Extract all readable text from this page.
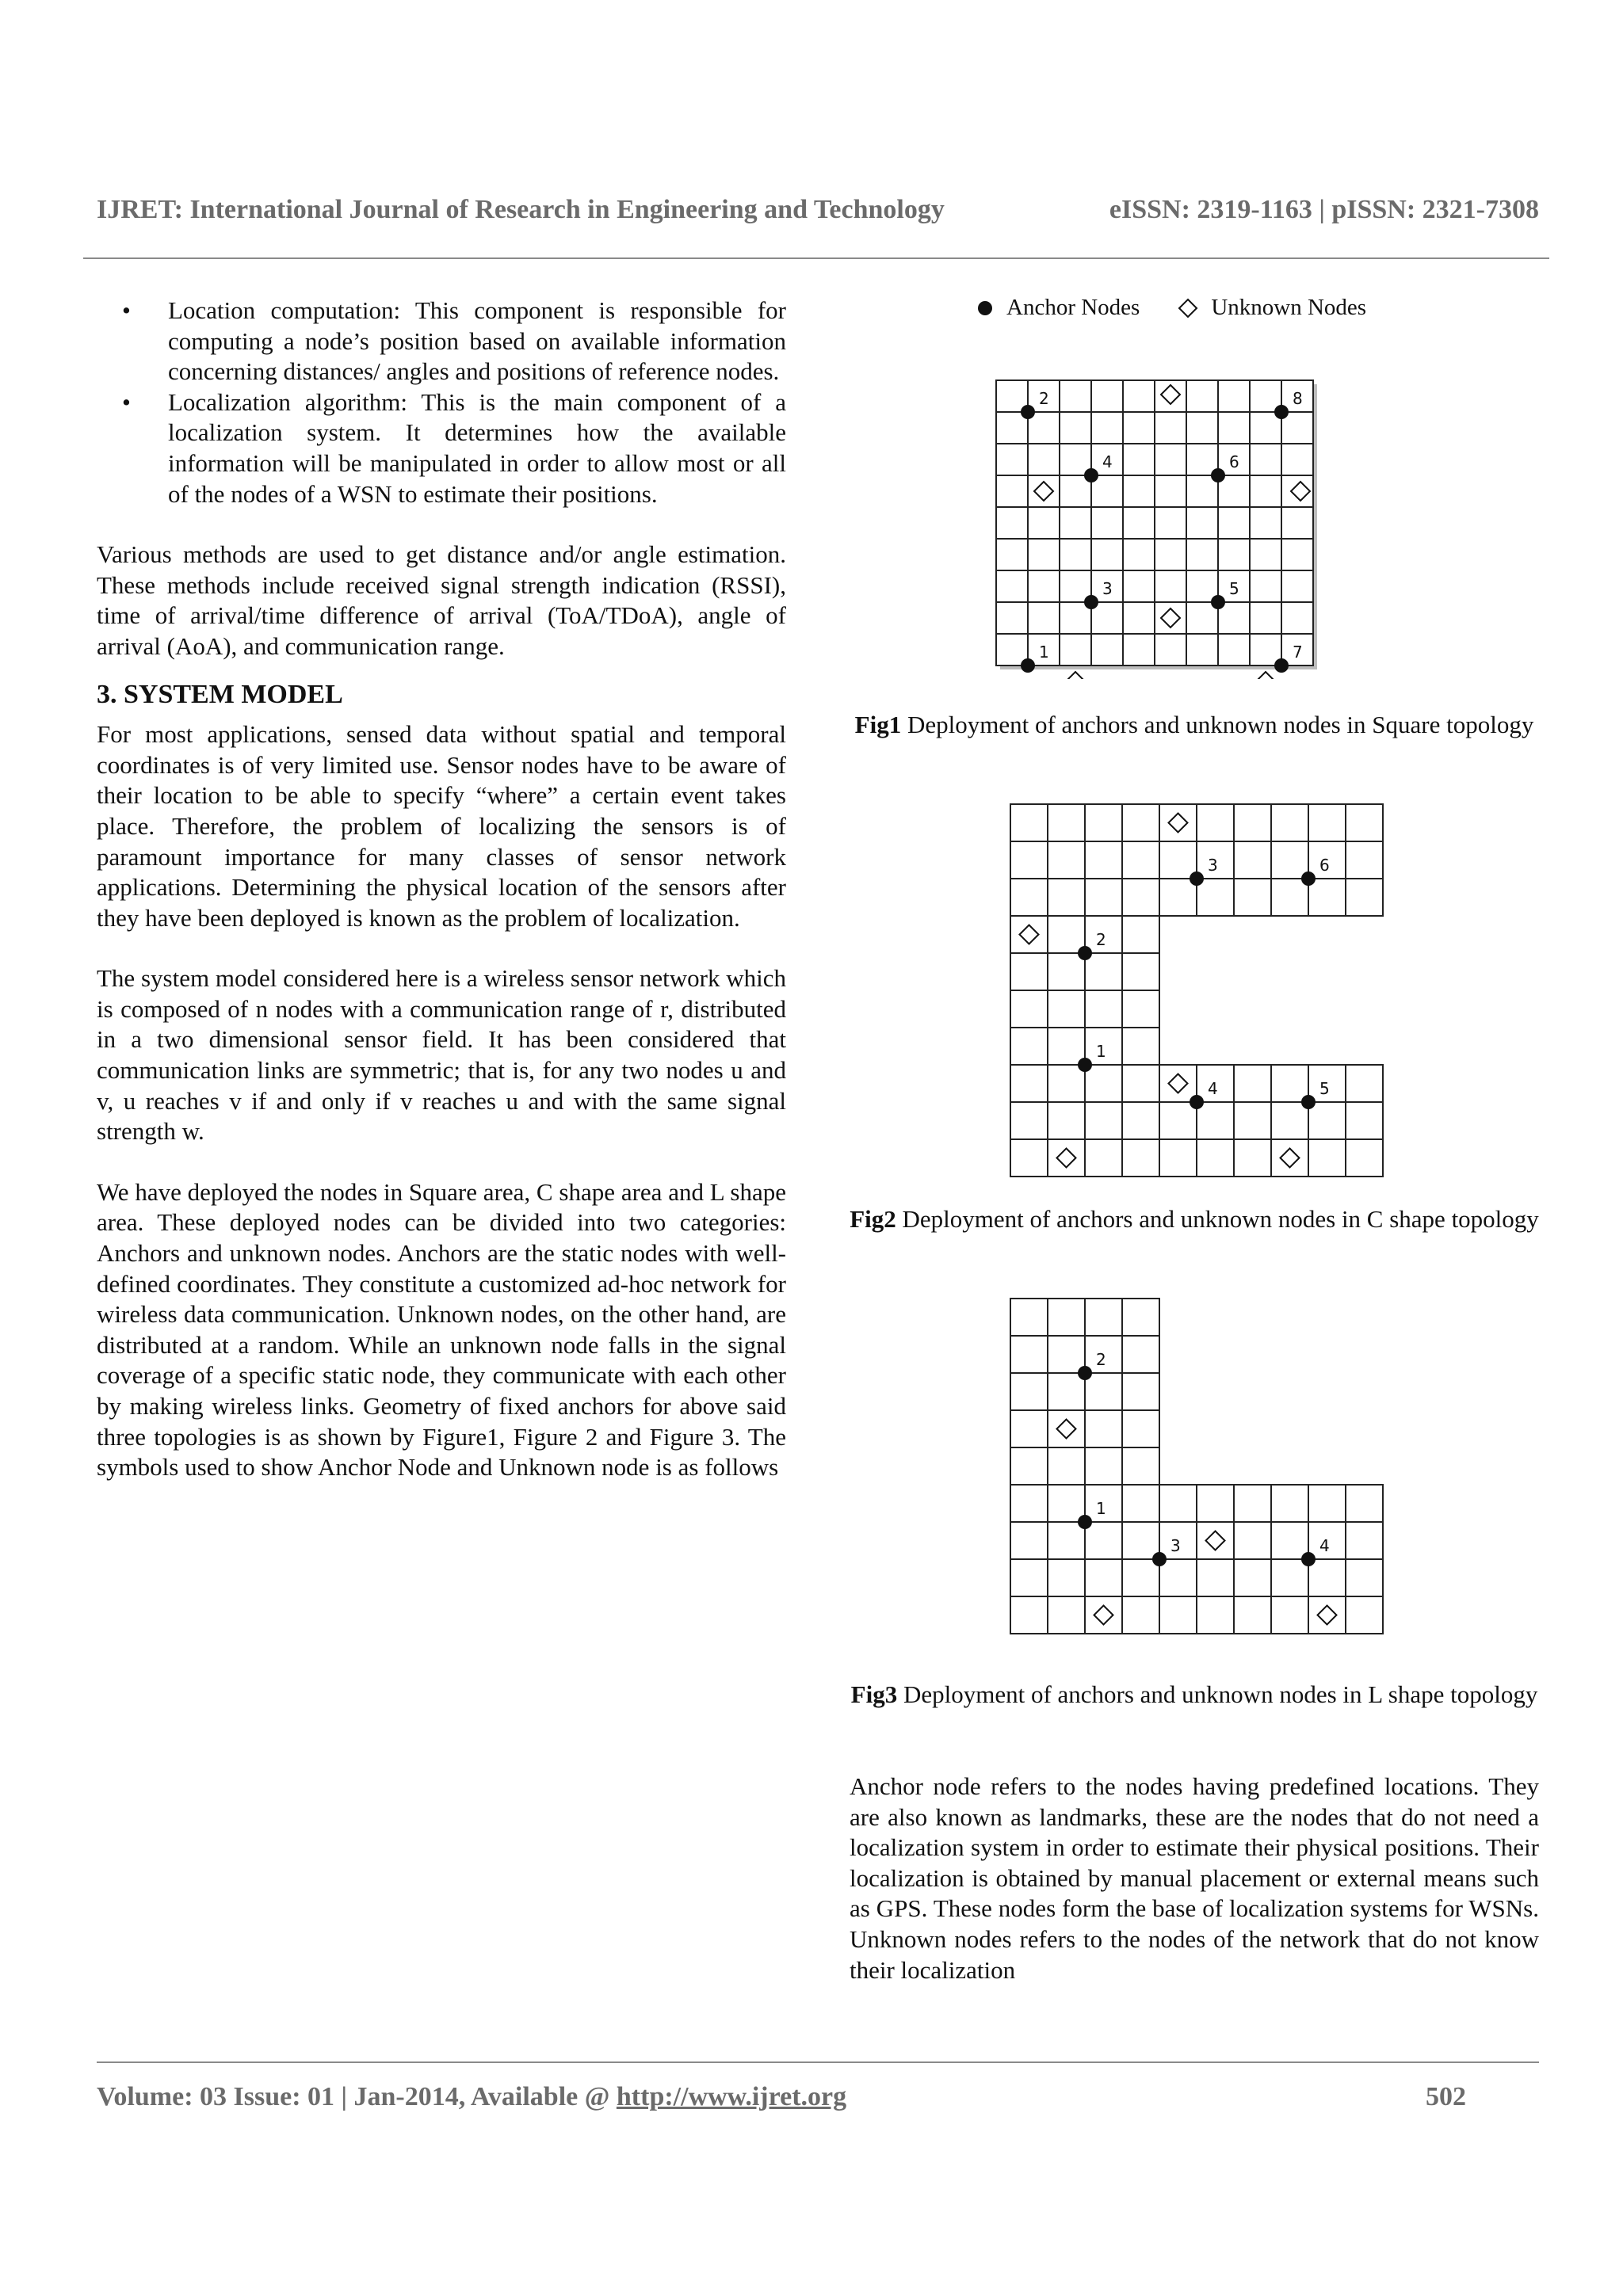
IJRET: International Journal of Research in Engineering and Technology	eISSN: 2319-1163 | pISSN: 2321-7308
• Location computation: This component is responsible for computing a node’s position based on available information concerning distances/ angles and positions of reference nodes.
• Localization algorithm: This is the main component of a localization system. It determines how the available information will be manipulated in order to allow most or all of the nodes of a WSN to estimate their positions.

Various methods are used to get distance and/or angle estimation. These methods include received signal strength indication (RSSI), time of arrival/time difference of arrival (ToA/TDoA), angle of arrival (AoA), and communication range.

3. SYSTEM MODEL

For most applications, sensed data without spatial and temporal coordinates is of very limited use. Sensor nodes have to be aware of their location to be able to specify “where” a certain event takes place. Therefore, the problem of localizing the sensors is of paramount importance for many classes of sensor network applications. Determining the physical location of the sensors after they have been deployed is known as the problem of localization.

The system model considered here is a wireless sensor network which is composed of n nodes with a communication range of r, distributed in a two dimensional sensor field. It has been considered that communication links are symmetric; that is, for any two nodes u and v, u reaches v if and only if v reaches u and with the same signal strength w.

We have deployed the nodes in Square area, C shape area and L shape area. These deployed nodes can be divided into two categories: Anchors and unknown nodes. Anchors are the static nodes with well-defined coordinates. They constitute a customized ad-hoc network for wireless data communication. Unknown nodes, on the other hand, are distributed at a random. While an unknown node falls in the signal coverage of a specific static node, they communicate with each other by making wireless links. Geometry of fixed anchors for above said three topologies is as shown by Figure1, Figure 2 and Figure 3. The symbols used to show Anchor Node and Unknown node is as follows

Anchor Nodes	Unknown Nodes
2	8
4	6
3	5
1	7
Fig1 Deployment of anchors and unknown nodes in Square topology
3	6
2
1
4	5
Fig2 Deployment of anchors and unknown nodes in C shape topology
2
1
3	4
Fig3 Deployment of anchors and unknown nodes in L shape topology

Anchor node refers to the nodes having predefined locations. They are also known as landmarks, these are the nodes that do not need a localization system in order to estimate their physical positions. Their localization is obtained by manual placement or external means such as GPS. These nodes form the base of localization systems for WSNs. Unknown nodes refers to the nodes of the network that do not know their localization

Volume: 03 Issue: 01 | Jan-2014, Available @ http://www.ijret.org	502
